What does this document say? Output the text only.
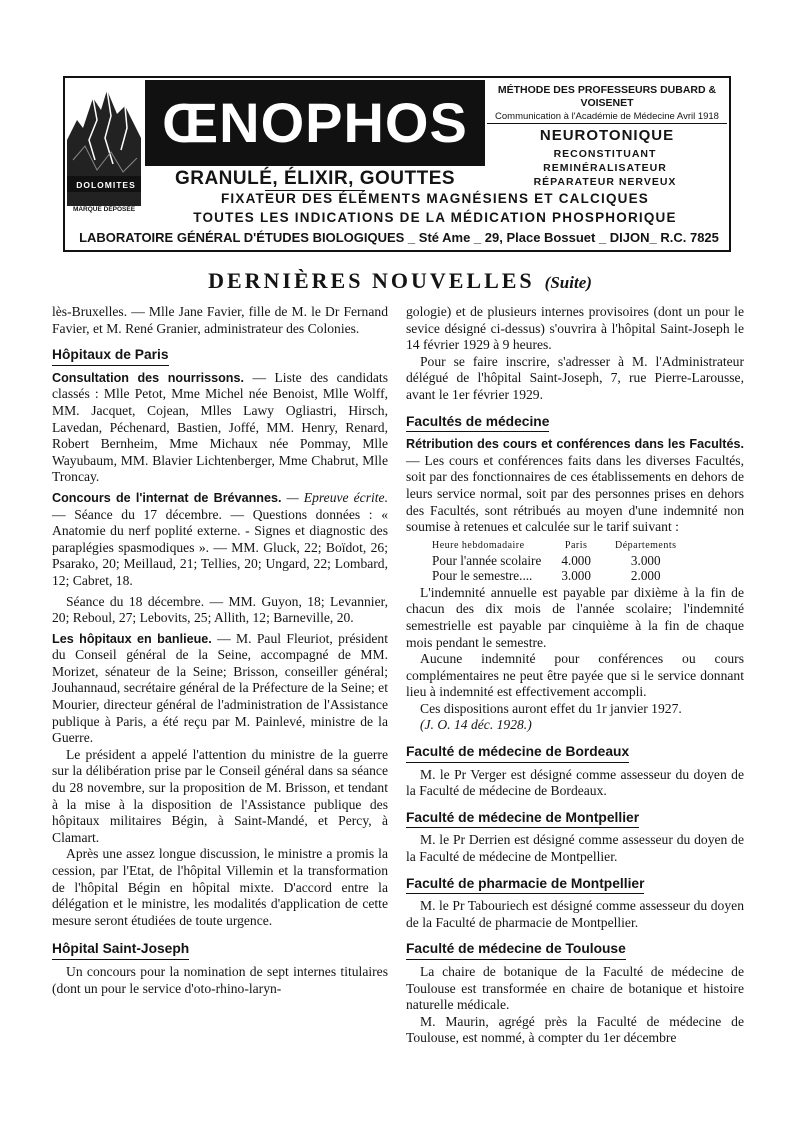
DOLOMITES
MARQUE DÉPOSÉE
ŒNOPHOS
MÉTHODE DES PROFESSEURS DUBARD & VOISENET
Communication à l'Académie de Médecine Avril 1918
NEUROTONIQUE
RECONSTITUANT
REMINÉRALISATEUR
RÉPARATEUR NERVEUX
GRANULÉ, ÉLIXIR, GOUTTES
FIXATEUR DES ÉLÉMENTS MAGNÉSIENS ET CALCIQUES
TOUTES LES INDICATIONS DE LA MÉDICATION PHOSPHORIQUE
LABORATOIRE GÉNÉRAL D'ÉTUDES BIOLOGIQUES _ Sté Ame _ 29, Place Bossuet _ DIJON_ R.C. 7825
DERNIÈRES NOUVELLES (Suite)

lès-Bruxelles. — Mlle Jane Favier, fille de M. le Dr Fernand Favier, et M. René Granier, administrateur des Colonies.

Hôpitaux de Paris

Consultation des nourrissons. — Liste des candidats classés : Mlle Petot, Mme Michel née Benoist, Mlle Wolff, MM. Jacquet, Cojean, Mlles Lawy Ogliastri, Hirsch, Lavedan, Péchenard, Bastien, Joffé, MM. Henry, Renard, Robert Bernheim, Mme Michaux née Pommay, Mlle Wayubaum, MM. Blavier Lichtenberger, Mme Chabrut, Mlle Troncay.

Concours de l'internat de Brévannes. — Epreuve écrite. — Séance du 17 décembre. — Questions données : « Anatomie du nerf poplité externe. - Signes et diagnostic des paraplégies spasmodiques ». — MM. Gluck, 22; Boïdot, 26; Psarako, 20; Meillaud, 21; Tellies, 20; Ungard, 22; Lombard, 12; Cabret, 18.

Séance du 18 décembre. — MM. Guyon, 18; Levannier, 20; Reboul, 27; Lebovits, 25; Allith, 12; Barneville, 20.

Les hôpitaux en banlieue. — M. Paul Fleuriot, président du Conseil général de la Seine, accompagné de MM. Morizet, sénateur de la Seine; Brisson, conseiller général; Jouhannaud, secrétaire général de la Préfecture de la Seine; et Mourier, directeur général de l'administration de l'Assistance publique à Paris, a été reçu par M. Painlevé, ministre de la Guerre.

Le président a appelé l'attention du ministre de la guerre sur la délibération prise par le Conseil général dans sa séance du 28 novembre, sur la proposition de M. Brisson, et tendant à la mise à la disposition de l'Assistance publique des hôpitaux militaires Bégin, à Saint-Mandé, et Percy, à Clamart.

Après une assez longue discussion, le ministre a promis la cession, par l'Etat, de l'hôpital Villemin et la transformation de l'hôpital Bégin en hôpital mixte. D'accord entre la délégation et le ministre, les modalités d'application de cette mesure seront étudiées de toute urgence.

Hôpital Saint-Joseph

Un concours pour la nomination de sept internes titulaires (dont un pour le service d'oto-rhino-laryn-

gologie) et de plusieurs internes provisoires (dont un pour le sevice désigné ci-dessus) s'ouvrira à l'hôpital Saint-Joseph le 14 février 1929 à 9 heures.

Pour se faire inscrire, s'adresser à M. l'Administrateur délégué de l'hôpital Saint-Joseph, 7, rue Pierre-Larousse, avant le 1er février 1929.

Facultés de médecine

Rétribution des cours et conférences dans les Facultés. — Les cours et conférences faits dans les diverses Facultés, soit par des fonctionnaires de ces établissements en dehors de leurs service normal, soit par des personnes prises en dehors des Facultés, sont rétribués au moyen d'une indemnité non soumise à retenues et calculée sur le tarif suivant :

Heure hebdomadaire	Paris	Départements
Pour l'année scolaire	4.000	3.000
Pour le semestre....	3.000	2.000

L'indemnité annuelle est payable par dixième à la fin de chacun des dix mois de l'année scolaire; l'indemnité semestrielle est payable par cinquième à la fin de chaque mois pendant le semestre.

Aucune indemnité pour conférences ou cours complémentaires ne peut être payée que si le service donnant lieu à indemnité est effectivement accompli.

Ces dispositions auront effet du 1r janvier 1927.

(J. O. 14 déc. 1928.)

Faculté de médecine de Bordeaux

M. le Pr Verger est désigné comme assesseur du doyen de la Faculté de médecine de Bordeaux.

Faculté de médecine de Montpellier

M. le Pr Derrien est désigné comme assesseur du doyen de la Faculté de médecine de Montpellier.

Faculté de pharmacie de Montpellier

M. le Pr Tabouriech est désigné comme assesseur du doyen de la Faculté de pharmacie de Montpellier.

Faculté de médecine de Toulouse

La chaire de botanique de la Faculté de médecine de Toulouse est transformée en chaire de botanique et histoire naturelle médicale.

M. Maurin, agrégé près la Faculté de médecine de Toulouse, est nommé, à compter du 1er décembre
